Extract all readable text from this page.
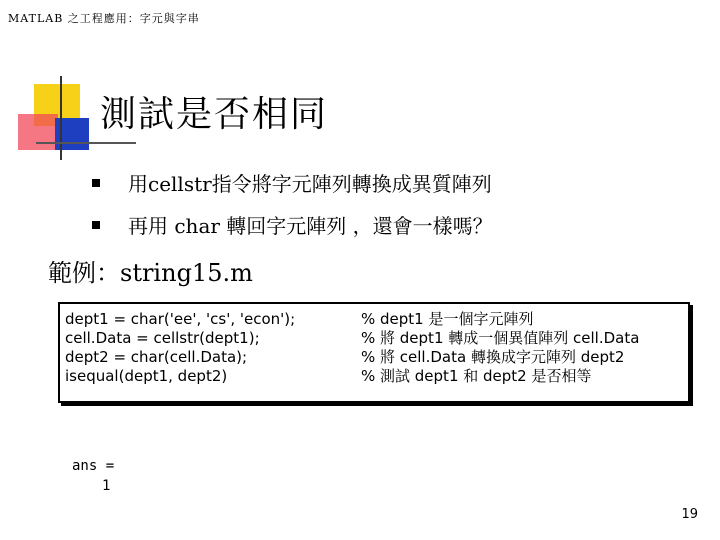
MATLAB 之工程應用：字元與字串
測試是否相同
用cellstr指令將字元陣列轉換成異質陣列
再用 char 轉回字元陣列 ，還會一樣嗎？
範例：string15.m
dept1 = char('ee', 'cs', 'econ');
cell.Data = cellstr(dept1);
dept2 = char(cell.Data);
isequal(dept1, dept2)
% dept1 是一個字元陣列
% 將 dept1 轉成一個異值陣列 cell.Data
% 將 cell.Data 轉換成字元陣列 dept2
% 測試 dept1 和 dept2 是否相等
ans =
1
19
